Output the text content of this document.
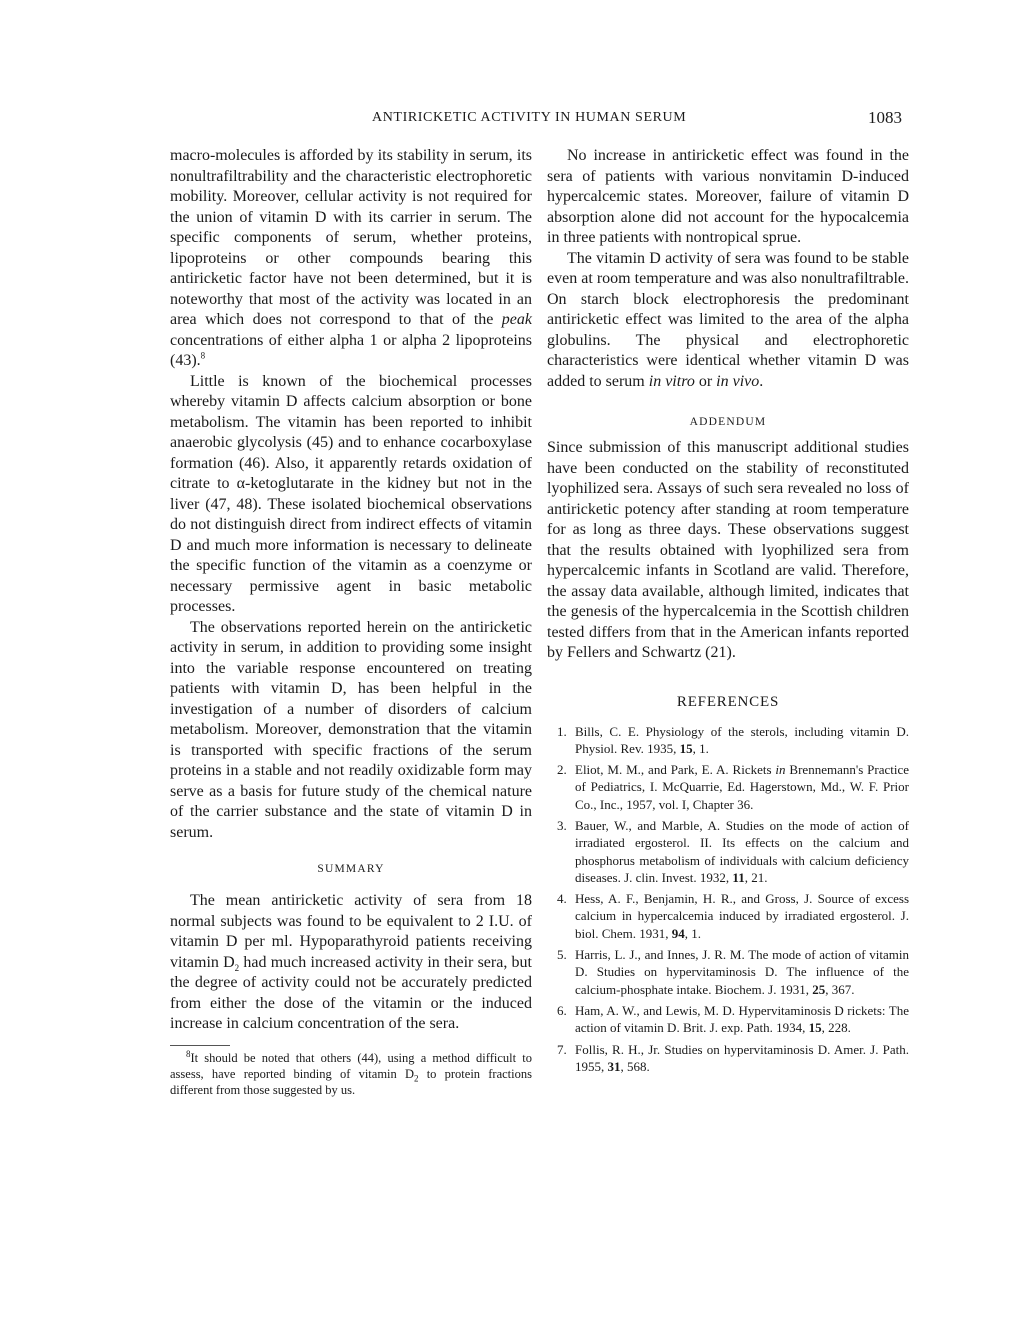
ANTIRICKETIC ACTIVITY IN HUMAN SERUM	1083

macro-molecules is afforded by its stability in serum, its nonultrafiltrability and the characteristic electrophoretic mobility. Moreover, cellular activity is not required for the union of vitamin D with its carrier in serum. The specific components of serum, whether proteins, lipoproteins or other compounds bearing this antiricketic factor have not been determined, but it is noteworthy that most of the activity was located in an area which does not correspond to that of the peak concentrations of either alpha 1 or alpha 2 lipoproteins (43).$^8$

Little is known of the biochemical processes whereby vitamin D affects calcium absorption or bone metabolism. The vitamin has been reported to inhibit anaerobic glycolysis (45) and to enhance cocarboxylase formation (46). Also, it apparently retards oxidation of citrate to α-ketoglutarate in the kidney but not in the liver (47, 48). These isolated biochemical observations do not distinguish direct from indirect effects of vitamin D and much more information is necessary to delineate the specific function of the vitamin as a coenzyme or necessary permissive agent in basic metabolic processes.

The observations reported herein on the antiricketic activity in serum, in addition to providing some insight into the variable response encountered on treating patients with vitamin D, has been helpful in the investigation of a number of disorders of calcium metabolism. Moreover, demonstration that the vitamin is transported with specific fractions of the serum proteins in a stable and not readily oxidizable form may serve as a basis for future study of the chemical nature of the carrier substance and the state of vitamin D in serum.

SUMMARY

The mean antiricketic activity of sera from 18 normal subjects was found to be equivalent to 2 I.U. of vitamin D per ml. Hypoparathyroid patients receiving vitamin $D_2$ had much increased activity in their sera, but the degree of activity could not be accurately predicted from either the dose of the vitamin or the induced increase in calcium concentration of the sera.

$^8$It should be noted that others (44), using a method difficult to assess, have reported binding of vitamin $D_2$ to protein fractions different from those suggested by us.

No increase in antiricketic effect was found in the sera of patients with various nonvitamin D-induced hypercalcemic states. Moreover, failure of vitamin D absorption alone did not account for the hypocalcemia in three patients with nontropical sprue.

The vitamin D activity of sera was found to be stable even at room temperature and was also nonultrafiltrable. On starch block electrophoresis the predominant antiricketic effect was limited to the area of the alpha globulins. The physical and electrophoretic characteristics were identical whether vitamin D was added to serum in vitro or in vivo.

ADDENDUM

Since submission of this manuscript additional studies have been conducted on the stability of reconstituted lyophilized sera. Assays of such sera revealed no loss of antiricketic potency after standing at room temperature for as long as three days. These observations suggest that the results obtained with lyophilized sera from hypercalcemic infants in Scotland are valid. Therefore, the assay data available, although limited, indicates that the genesis of the hypercalcemia in the Scottish children tested differs from that in the American infants reported by Fellers and Schwartz (21).

REFERENCES
1. Bills, C. E. Physiology of the sterols, including vitamin D. Physiol. Rev. 1935, 15, 1.
2. Eliot, M. M., and Park, E. A. Rickets in Brennemann's Practice of Pediatrics, I. McQuarrie, Ed. Hagerstown, Md., W. F. Prior Co., Inc., 1957, vol. I, Chapter 36.
3. Bauer, W., and Marble, A. Studies on the mode of action of irradiated ergosterol. II. Its effects on the calcium and phosphorus metabolism of individuals with calcium deficiency diseases. J. clin. Invest. 1932, 11, 21.
4. Hess, A. F., Benjamin, H. R., and Gross, J. Source of excess calcium in hypercalcemia induced by irradiated ergosterol. J. biol. Chem. 1931, 94, 1.
5. Harris, L. J., and Innes, J. R. M. The mode of action of vitamin D. Studies on hypervitaminosis D. The influence of the calcium-phosphate intake. Biochem. J. 1931, 25, 367.
6. Ham, A. W., and Lewis, M. D. Hypervitaminosis D rickets: The action of vitamin D. Brit. J. exp. Path. 1934, 15, 228.
7. Follis, R. H., Jr. Studies on hypervitaminosis D. Amer. J. Path. 1955, 31, 568.
